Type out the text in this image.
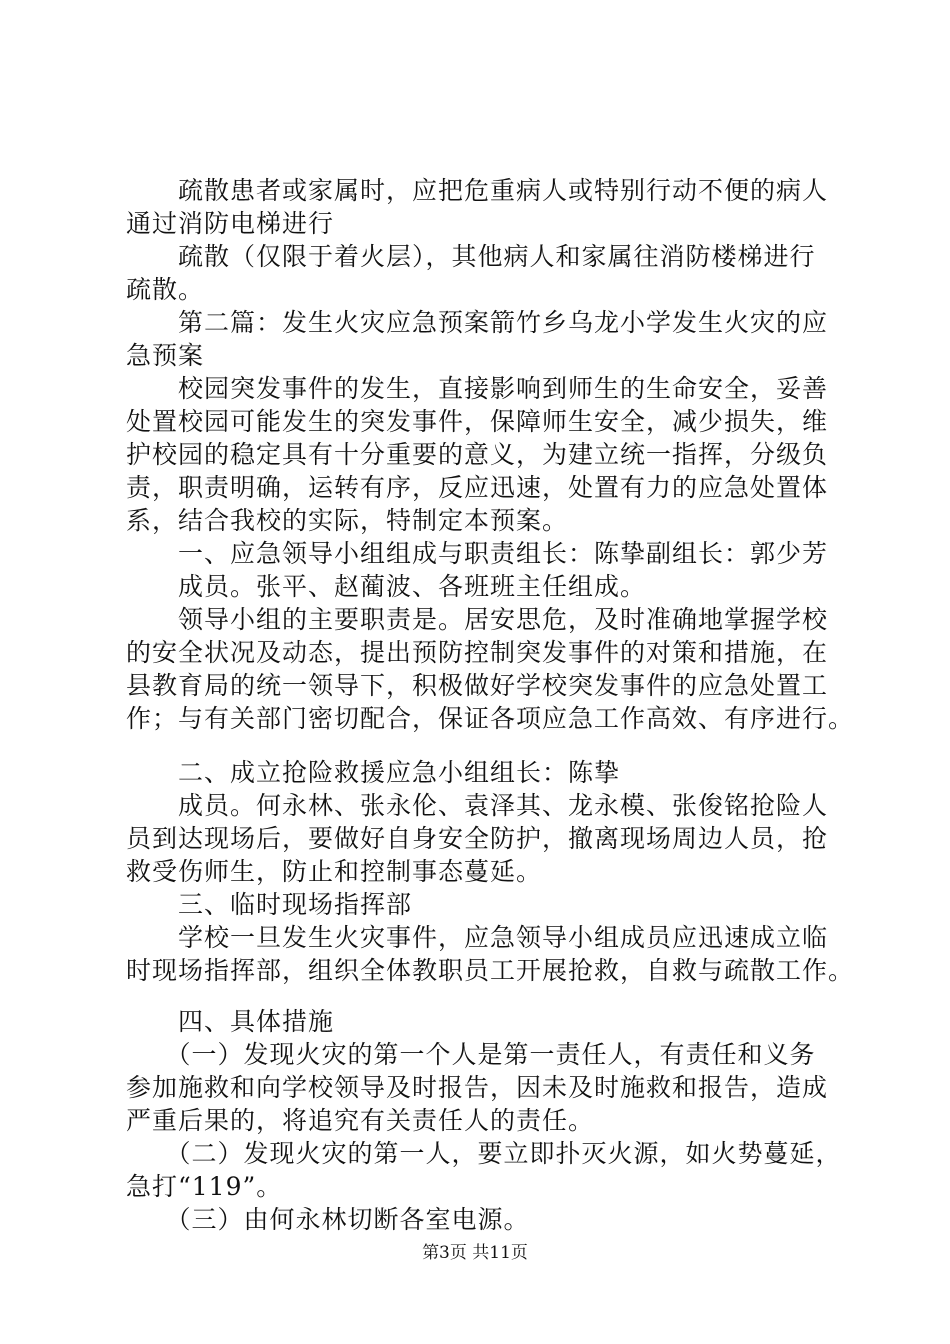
　　疏散患者或家属时，应把危重病人或特别行动不便的病人
通过消防电梯进行
　　疏散（仅限于着火层），其他病人和家属往消防楼梯进行
疏散。
　　第二篇：发生火灾应急预案箭竹乡乌龙小学发生火灾的应
急预案
　　校园突发事件的发生，直接影响到师生的生命安全，妥善
处置校园可能发生的突发事件，保障师生安全，减少损失，维
护校园的稳定具有十分重要的意义，为建立统一指挥，分级负
责，职责明确，运转有序，反应迅速，处置有力的应急处置体
系，结合我校的实际，特制定本预案。
　　一、应急领导小组组成与职责组长：陈挚副组长：郭少芳
　　成员。张平、赵蔺波、各班班主任组成。
　　领导小组的主要职责是。居安思危，及时准确地掌握学校
的安全状况及动态，提出预防控制突发事件的对策和措施，在
县教育局的统一领导下，积极做好学校突发事件的应急处置工
作；与有关部门密切配合，保证各项应急工作高效、有序进行。
　　二、成立抢险救援应急小组组长：陈挚
　　成员。何永林、张永伦、袁泽其、龙永模、张俊铭抢险人
员到达现场后，要做好自身安全防护，撤离现场周边人员，抢
救受伤师生，防止和控制事态蔓延。
　　三、临时现场指挥部
　　学校一旦发生火灾事件，应急领导小组成员应迅速成立临
时现场指挥部，组织全体教职员工开展抢救，自救与疏散工作。
　　四、具体措施
　　（一）发现火灾的第一个人是第一责任人，有责任和义务
参加施救和向学校领导及时报告，因未及时施救和报告，造成
严重后果的，将追究有关责任人的责任。
　　（二）发现火灾的第一人，要立即扑灭火源，如火势蔓延，
急打“119”。
　　（三）由何永林切断各室电源。
第3页 共11页
